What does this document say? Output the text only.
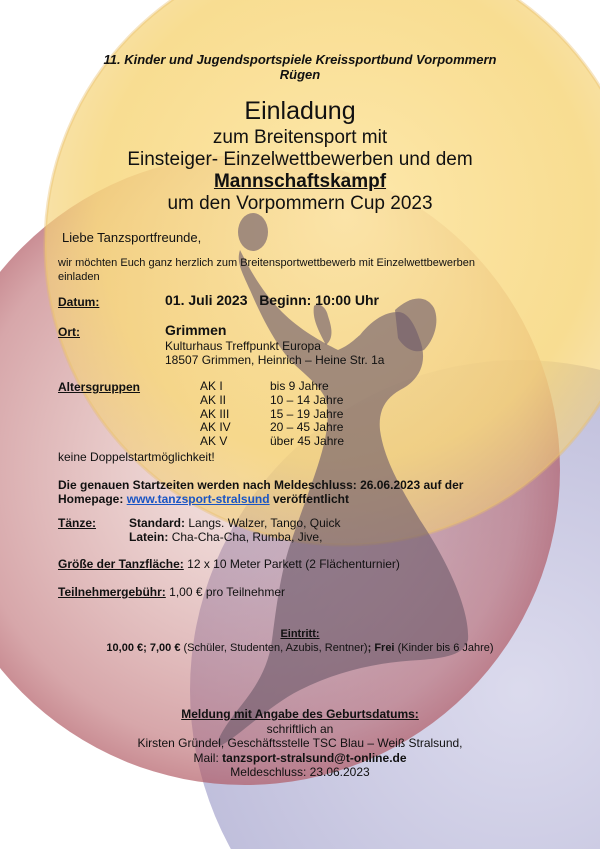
11. Kinder und Jugendsportspiele Kreissportbund Vorpommern
Rügen
Einladung
zum Breitensport mit
Einsteiger- Einzelwettbewerben und dem
Mannschaftskampf
um den Vorpommern Cup 2023
Liebe Tanzsportfreunde,
wir möchten Euch ganz herzlich zum Breitensportwettbewerb mit Einzelwettbewerben
einladen
Datum:	01. Juli 2023 Beginn: 10:00 Uhr
Ort:	Grimmen
Kulturhaus Treffpunkt Europa
18507 Grimmen, Heinrich – Heine Str. 1a
Altersgruppen	AK I	bis 9 Jahre
AK II	10 – 14 Jahre
AK III	15 – 19 Jahre
AK IV	20 – 45 Jahre
AK V	über 45 Jahre
keine Doppelstartmöglichkeit!
Die genauen Startzeiten werden nach Meldeschluss: 26.06.2023 auf der
Homepage: www.tanzsport-stralsund veröffentlicht
Tänze:	Standard: Langs. Walzer, Tango, Quick
Latein: Cha-Cha-Cha, Rumba, Jive,
Größe der Tanzfläche: 12 x 10 Meter Parkett (2 Flächenturnier)
Teilnehmergebühr: 1,00 € pro Teilnehmer
Eintritt:
10,00 €; 7,00 € (Schüler, Studenten, Azubis, Rentner); Frei (Kinder bis 6 Jahre)
Meldung mit Angabe des Geburtsdatums:
schriftlich an
Kirsten Gründel, Geschäftsstelle TSC Blau – Weiß Stralsund,
Mail: tanzsport-stralsund@t-online.de
Meldeschluss: 23.06.2023
